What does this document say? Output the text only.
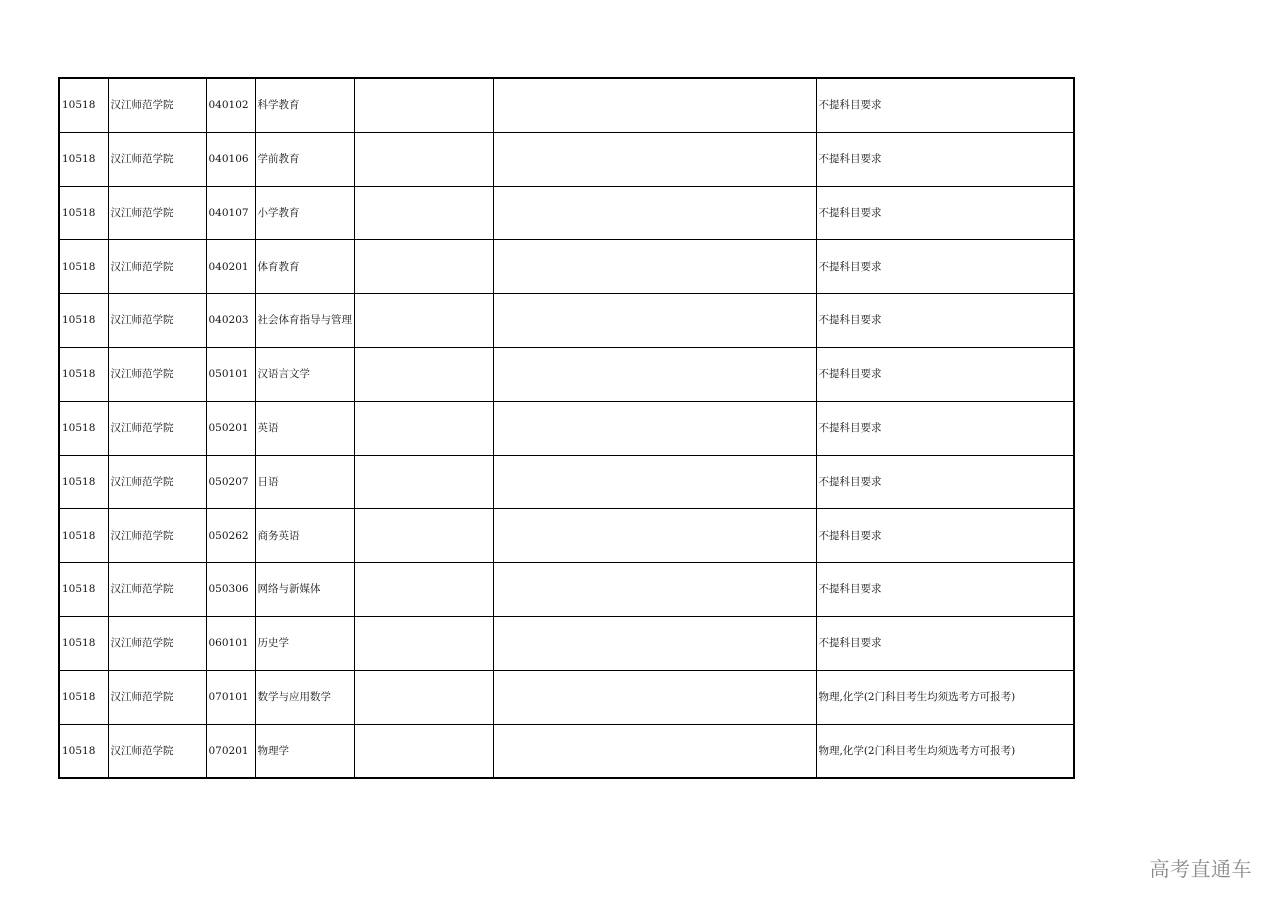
10518	汉江师范学院	040102	科学教育			不提科目要求
10518	汉江师范学院	040106	学前教育			不提科目要求
10518	汉江师范学院	040107	小学教育			不提科目要求
10518	汉江师范学院	040201	体育教育			不提科目要求
10518	汉江师范学院	040203	社会体育指导与管理			不提科目要求
10518	汉江师范学院	050101	汉语言文学			不提科目要求
10518	汉江师范学院	050201	英语			不提科目要求
10518	汉江师范学院	050207	日语			不提科目要求
10518	汉江师范学院	050262	商务英语			不提科目要求
10518	汉江师范学院	050306	网络与新媒体			不提科目要求
10518	汉江师范学院	060101	历史学			不提科目要求
10518	汉江师范学院	070101	数学与应用数学			物理,化学(2门科目考生均须选考方可报考)
10518	汉江师范学院	070201	物理学			物理,化学(2门科目考生均须选考方可报考)
高考直通车
